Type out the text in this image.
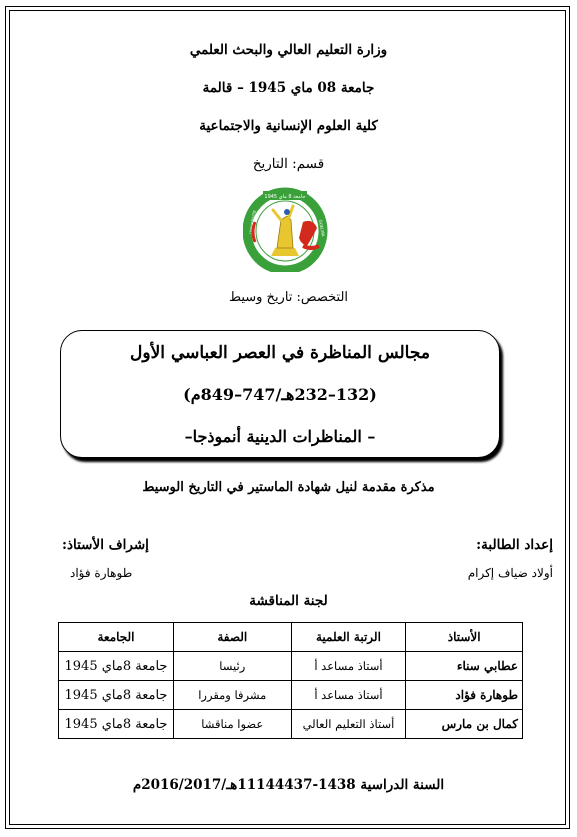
وزارة التعليم العالي والبحث العلمي
جامعة 08 ماي 1945 – قالمة
كلية العلوم الإنسانية والاجتماعية
قسم: التاريخ
جامعة 8 ماي 1945
UNIVERSITE	GUELMA
التخصص: تاريخ وسيط
مجالس المناظرة في العصر العباسي الأول
(132–232هـ/747–849م)
– المناظرات الدينية أنموذجا–
مذكرة مقدمة لنيل شهادة الماستير في التاريخ الوسيط
إعداد الطالبة:
إشراف الأستاذ:
أولاد ضياف إكرام
طوهارة فؤاد
لجنة المناقشة
الأستاذ	الرتبة العلمية	الصفة	الجامعة
عطابي سناء	أستاذ مساعد أ	رئيسا	جامعة 8ماي 1945
طوهارة فؤاد	أستاذ مساعد أ	مشرفا ومقررا	جامعة 8ماي 1945
كمال بن مارس	أستاذ التعليم العالي	عضوا مناقشا	جامعة 8ماي 1945
السنة الدراسية 1438-11144437هـ/2016/2017م
